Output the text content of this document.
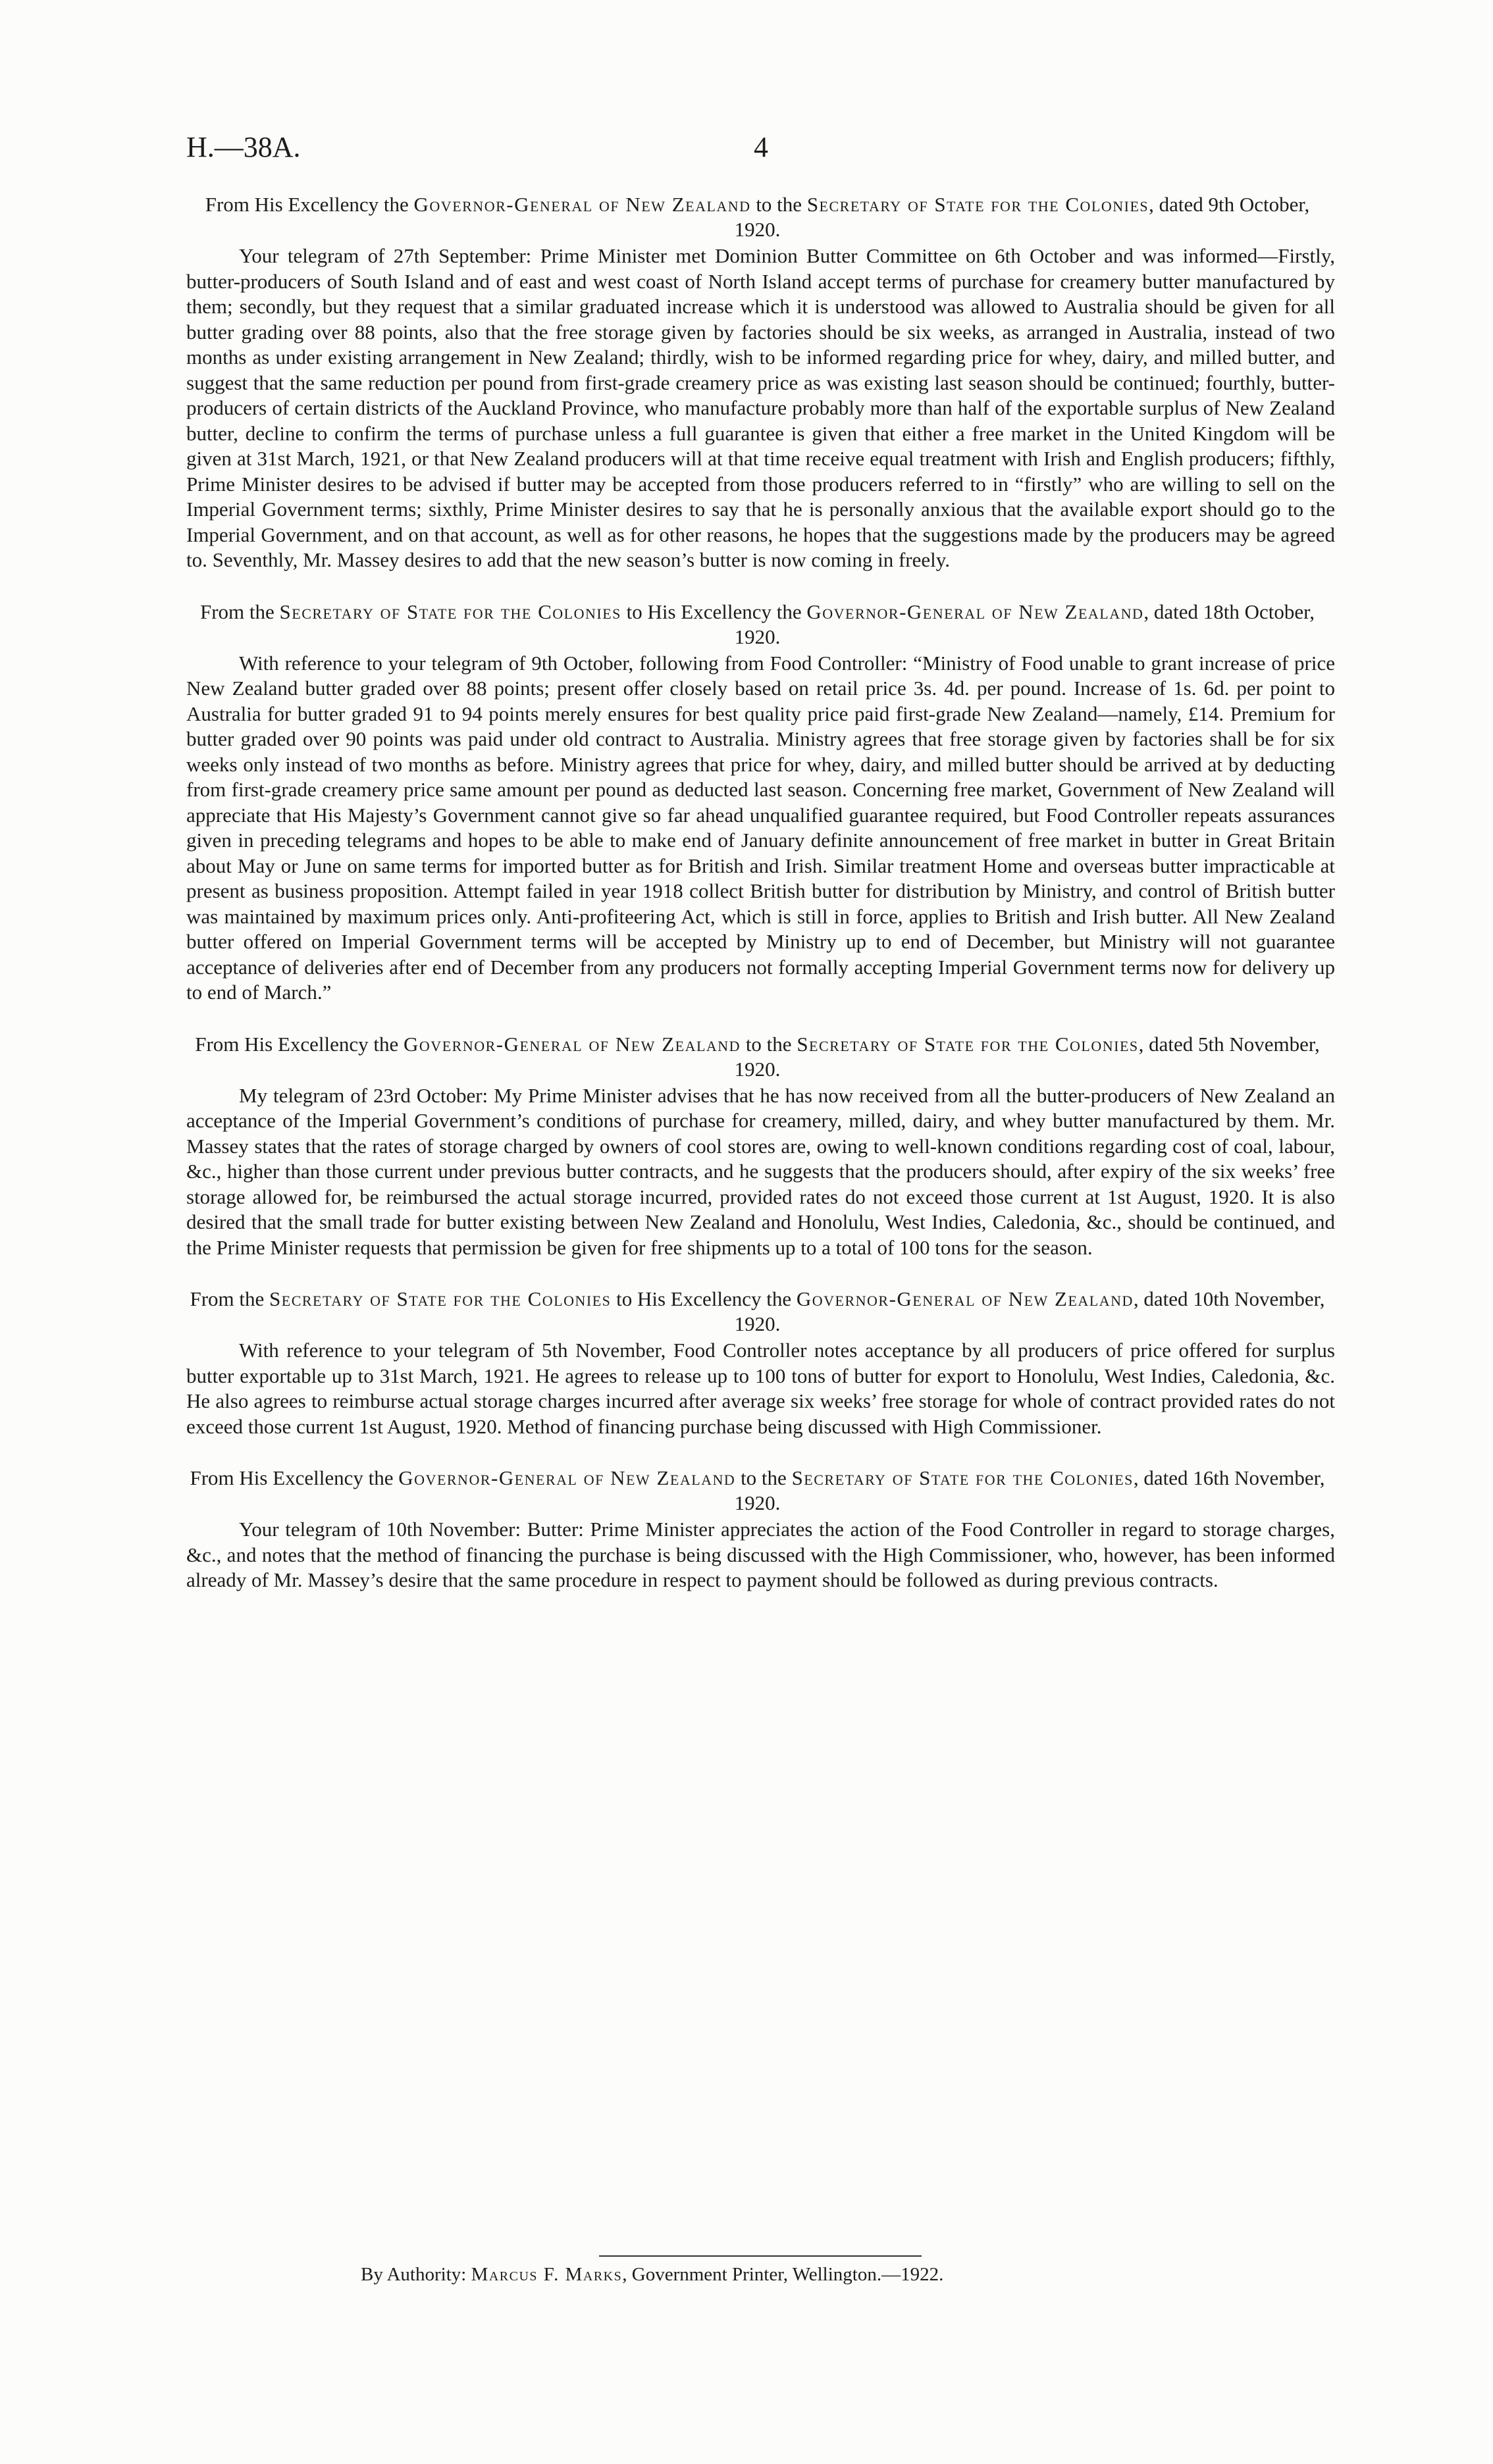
H.—38A.	4
From His Excellency the Governor-General of New Zealand to the Secretary of State for the Colonies, dated 9th October, 1920.

Your telegram of 27th September: Prime Minister met Dominion Butter Committee on 6th October and was informed—Firstly, butter-producers of South Island and of east and west coast of North Island accept terms of purchase for creamery butter manufactured by them; secondly, but they request that a similar graduated increase which it is understood was allowed to Australia should be given for all butter grading over 88 points, also that the free storage given by factories should be six weeks, as arranged in Australia, instead of two months as under existing arrangement in New Zealand; thirdly, wish to be informed regarding price for whey, dairy, and milled butter, and suggest that the same reduction per pound from first-grade creamery price as was existing last season should be continued; fourthly, butter-producers of certain districts of the Auckland Province, who manufacture probably more than half of the exportable surplus of New Zealand butter, decline to confirm the terms of purchase unless a full guarantee is given that either a free market in the United Kingdom will be given at 31st March, 1921, or that New Zealand producers will at that time receive equal treatment with Irish and English producers; fifthly, Prime Minister desires to be advised if butter may be accepted from those producers referred to in “firstly” who are willing to sell on the Imperial Government terms; sixthly, Prime Minister desires to say that he is personally anxious that the available export should go to the Imperial Government, and on that account, as well as for other reasons, he hopes that the suggestions made by the producers may be agreed to. Seventhly, Mr. Massey desires to add that the new season’s butter is now coming in freely.

From the Secretary of State for the Colonies to His Excellency the Governor-General of New Zealand, dated 18th October, 1920.

With reference to your telegram of 9th October, following from Food Controller: “Ministry of Food unable to grant increase of price New Zealand butter graded over 88 points; present offer closely based on retail price 3s. 4d. per pound. Increase of 1s. 6d. per point to Australia for butter graded 91 to 94 points merely ensures for best quality price paid first-grade New Zealand—namely, £14. Premium for butter graded over 90 points was paid under old contract to Australia. Ministry agrees that free storage given by factories shall be for six weeks only instead of two months as before. Ministry agrees that price for whey, dairy, and milled butter should be arrived at by deducting from first-grade creamery price same amount per pound as deducted last season. Concerning free market, Government of New Zealand will appreciate that His Majesty’s Government cannot give so far ahead unqualified guarantee required, but Food Controller repeats assurances given in preceding telegrams and hopes to be able to make end of January definite announcement of free market in butter in Great Britain about May or June on same terms for imported butter as for British and Irish. Similar treatment Home and overseas butter impracticable at present as business proposition. Attempt failed in year 1918 collect British butter for distribution by Ministry, and control of British butter was maintained by maximum prices only. Anti-profiteering Act, which is still in force, applies to British and Irish butter. All New Zealand butter offered on Imperial Government terms will be accepted by Ministry up to end of December, but Ministry will not guarantee acceptance of deliveries after end of December from any producers not formally accepting Imperial Government terms now for delivery up to end of March.”

From His Excellency the Governor-General of New Zealand to the Secretary of State for the Colonies, dated 5th November, 1920.

My telegram of 23rd October: My Prime Minister advises that he has now received from all the butter-producers of New Zealand an acceptance of the Imperial Government’s conditions of purchase for creamery, milled, dairy, and whey butter manufactured by them. Mr. Massey states that the rates of storage charged by owners of cool stores are, owing to well-known conditions regarding cost of coal, labour, &c., higher than those current under previous butter contracts, and he suggests that the producers should, after expiry of the six weeks’ free storage allowed for, be reimbursed the actual storage incurred, provided rates do not exceed those current at 1st August, 1920. It is also desired that the small trade for butter existing between New Zealand and Honolulu, West Indies, Caledonia, &c., should be continued, and the Prime Minister requests that permission be given for free shipments up to a total of 100 tons for the season.

From the Secretary of State for the Colonies to His Excellency the Governor-General of New Zealand, dated 10th November, 1920.

With reference to your telegram of 5th November, Food Controller notes acceptance by all producers of price offered for surplus butter exportable up to 31st March, 1921. He agrees to release up to 100 tons of butter for export to Honolulu, West Indies, Caledonia, &c. He also agrees to reimburse actual storage charges incurred after average six weeks’ free storage for whole of contract provided rates do not exceed those current 1st August, 1920. Method of financing purchase being discussed with High Commissioner.

From His Excellency the Governor-General of New Zealand to the Secretary of State for the Colonies, dated 16th November, 1920.

Your telegram of 10th November: Butter: Prime Minister appreciates the action of the Food Controller in regard to storage charges, &c., and notes that the method of financing the purchase is being discussed with the High Commissioner, who, however, has been informed already of Mr. Massey’s desire that the same procedure in respect to payment should be followed as during previous contracts.

By Authority: Marcus F. Marks, Government Printer, Wellington.—1922.
